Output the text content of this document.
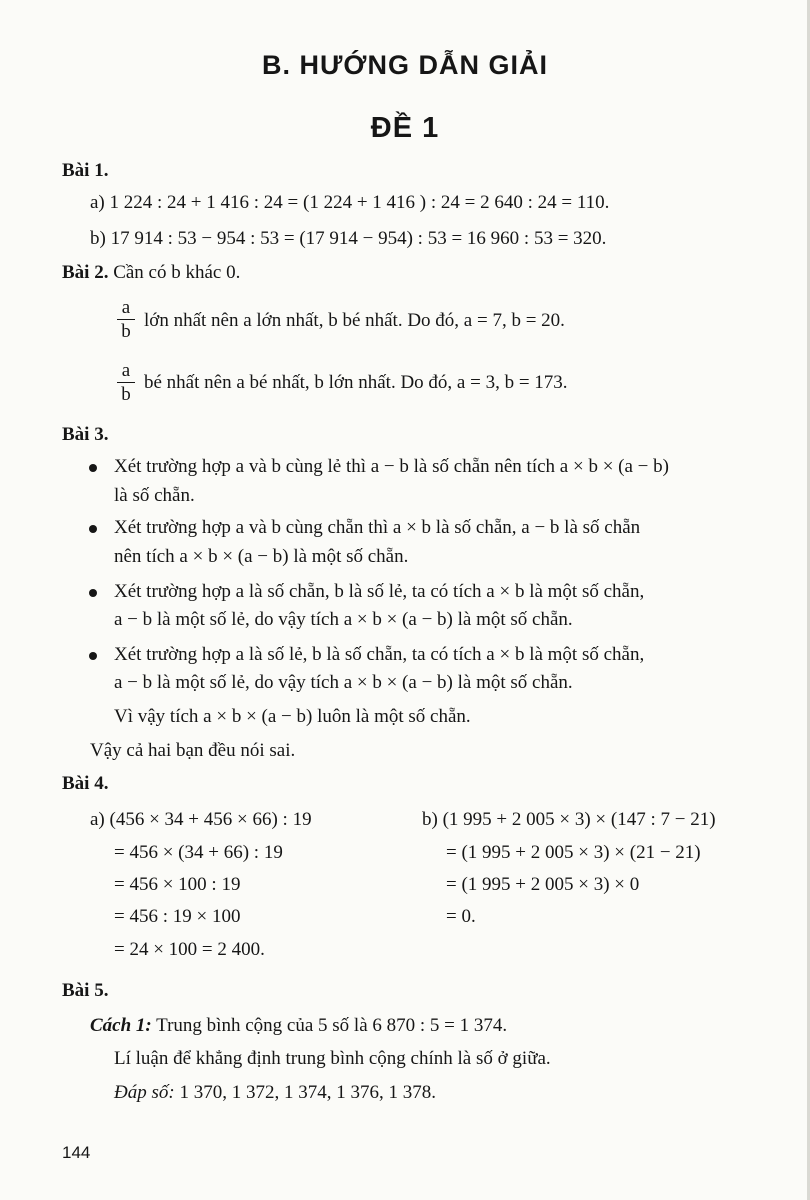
B. HƯỚNG DẪN GIẢI
ĐỀ 1
Bài 1.
a) 1 224 : 24 + 1 416 : 24 = (1 224 + 1 416 ) : 24 = 2 640 : 24 = 110.
b) 17 914 : 53 − 954 : 53 = (17 914 − 954) : 53 = 16 960 : 53 = 320.
Bài 2. Cần có b khác 0.
a
b
lớn nhất nên a lớn nhất, b bé nhất. Do đó, a = 7, b = 20.
a
b
bé nhất nên a bé nhất, b lớn nhất. Do đó, a = 3, b = 173.
Bài 3.
Xét trường hợp a và b cùng lẻ thì a − b là số chẵn nên tích a × b × (a − b)
là số chẵn.
Xét trường hợp a và b cùng chẵn thì a × b là số chẵn, a − b là số chẵn
nên tích a × b × (a − b) là một số chẵn.
Xét trường hợp a là số chẵn, b là số lẻ, ta có tích a × b là một số chẵn,
a − b là một số lẻ, do vậy tích a × b × (a − b) là một số chẵn.
Xét trường hợp a là số lẻ, b là số chẵn, ta có tích a × b là một số chẵn,
a − b là một số lẻ, do vậy tích a × b × (a − b) là một số chẵn.
Vì vậy tích a × b × (a − b) luôn là một số chẵn.
Vậy cả hai bạn đều nói sai.
Bài 4.
a) (456 × 34 + 456 × 66) : 19
= 456 × (34 + 66) : 19
= 456 × 100 : 19
= 456 : 19 × 100
= 24 × 100 = 2 400.
b) (1 995 + 2 005 × 3) × (147 : 7 − 21)
= (1 995 + 2 005 × 3) × (21 − 21)
= (1 995 + 2 005 × 3) × 0
= 0.
Bài 5.
Cách 1: Trung bình cộng của 5 số là 6 870 : 5 = 1 374.
Lí luận để khẳng định trung bình cộng chính là số ở giữa.
Đáp số: 1 370, 1 372, 1 374, 1 376, 1 378.
144
